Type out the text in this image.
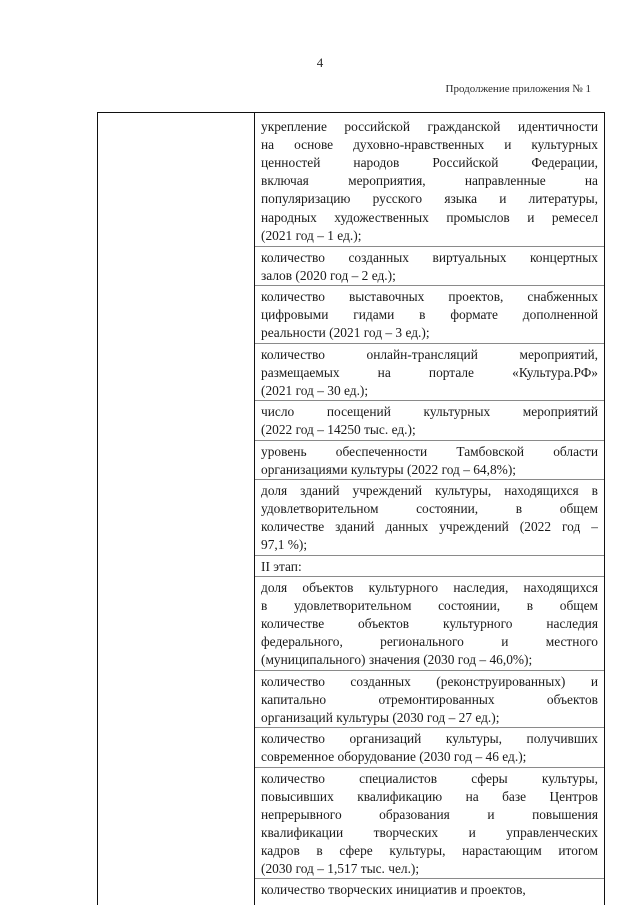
4
Продолжение приложения № 1
укрепление российской гражданской идентичности
на основе духовно-нравственных и культурных
ценностей народов Российской Федерации,
включая мероприятия, направленные на
популяризацию русского языка и литературы,
народных художественных промыслов и ремесел
(2021 год – 1 ед.);
количество созданных виртуальных концертных
залов (2020 год – 2 ед.);
количество выставочных проектов, снабженных
цифровыми гидами в формате дополненной
реальности (2021 год – 3 ед.);
количество онлайн-трансляций мероприятий,
размещаемых на портале «Культура.РФ»
(2021 год – 30 ед.);
число посещений культурных мероприятий
(2022 год – 14250 тыс. ед.);
уровень обеспеченности Тамбовской области
организациями культуры (2022 год – 64,8%);
доля зданий учреждений культуры, находящихся в
удовлетворительном состоянии, в общем
количестве зданий данных учреждений (2022 год –
97,1 %);
II этап:
доля объектов культурного наследия, находящихся
в удовлетворительном состоянии, в общем
количестве объектов культурного наследия
федерального, регионального и местного
(муниципального) значения (2030 год – 46,0%);
количество созданных (реконструированных) и
капитально отремонтированных объектов
организаций культуры (2030 год – 27 ед.);
количество организаций культуры, получивших
современное оборудование (2030 год – 46 ед.);
количество специалистов сферы культуры,
повысивших квалификацию на базе Центров
непрерывного образования и повышения
квалификации творческих и управленческих
кадров в сфере культуры, нарастающим итогом
(2030 год – 1,517 тыс. чел.);
количество творческих инициатив и проектов,
